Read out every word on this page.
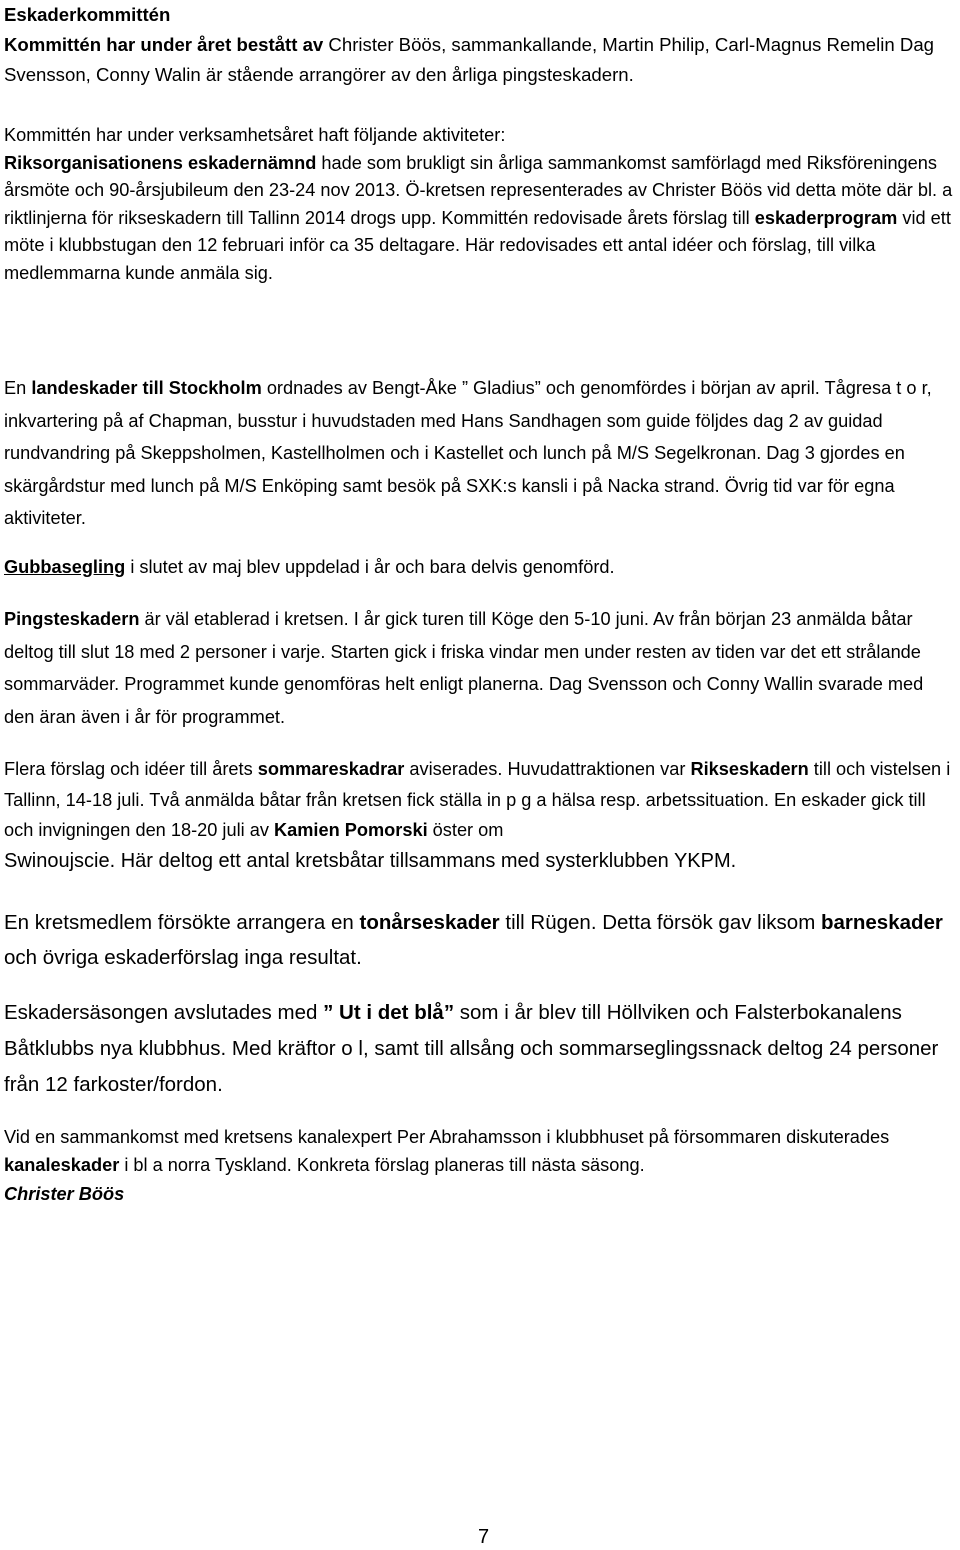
Eskaderkommittén
Kommittén har under året bestått av Christer Böös, sammankallande, Martin Philip, Carl-Magnus Remelin Dag Svensson, Conny Walin är stående arrangörer av den årliga pingsteskadern.
Kommittén har under verksamhetsåret haft följande aktiviteter:
Riksorganisationens eskadernämnd hade som brukligt sin årliga sammankomst samförlagd med Riksföreningens årsmöte och 90-årsjubileum den 23-24 nov 2013. Ö-kretsen representerades av Christer Böös vid detta möte där bl. a riktlinjerna för rikseskadern till Tallinn 2014 drogs upp. Kommittén redovisade årets förslag till eskaderprogram vid ett möte i klubbstugan den 12 februari inför ca 35 deltagare. Här redovisades ett antal idéer och förslag, till vilka medlemmarna kunde anmäla sig.
En landeskader till Stockholm ordnades av Bengt-Åke ” Gladius” och genomfördes i början av april. Tågresa t o r, inkvartering på af Chapman, busstur i huvudstaden med Hans Sandhagen som guide följdes dag 2 av guidad rundvandring på Skeppsholmen, Kastellholmen och i Kastellet och lunch på M/S Segelkronan. Dag 3 gjordes en skärgårdstur med lunch på M/S Enköping samt besök på SXK:s kansli i på Nacka strand. Övrig tid var för egna aktiviteter.
Gubbasegling i slutet av maj blev uppdelad i år och bara delvis genomförd.
Pingsteskadern är väl etablerad i kretsen. I år gick turen till Köge den 5-10 juni. Av från början 23 anmälda båtar deltog till slut 18 med 2 personer i varje. Starten gick i friska vindar men under resten av tiden var det ett strålande sommarväder. Programmet kunde genomföras helt enligt planerna. Dag Svensson och Conny Wallin svarade med den äran även i år för programmet.
Flera förslag och idéer till årets sommareskadrar aviserades. Huvudattraktionen var Rikseskadern till och vistelsen i Tallinn, 14-18 juli. Två anmälda båtar från kretsen fick ställa in p g a hälsa resp. arbetssituation. En eskader gick till och invigningen den 18-20 juli av Kamien Pomorski öster om
Swinoujscie. Här deltog ett antal kretsbåtar tillsammans med systerklubben YKPM.
En kretsmedlem försökte arrangera en tonårseskader till Rügen. Detta försök gav liksom barneskader och övriga eskaderförslag inga resultat.
Eskadersäsongen avslutades med ” Ut i det blå” som i år blev till Höllviken och Falsterbokanalens Båtklubbs nya klubbhus. Med kräftor o l, samt till allsång och sommarseglingssnack deltog 24 personer från 12 farkoster/fordon.
Vid en sammankomst med kretsens kanalexpert Per Abrahamsson i klubbhuset på försommaren diskuterades kanaleskader i bl a norra Tyskland. Konkreta förslag planeras till nästa säsong.
Christer Böös
7
